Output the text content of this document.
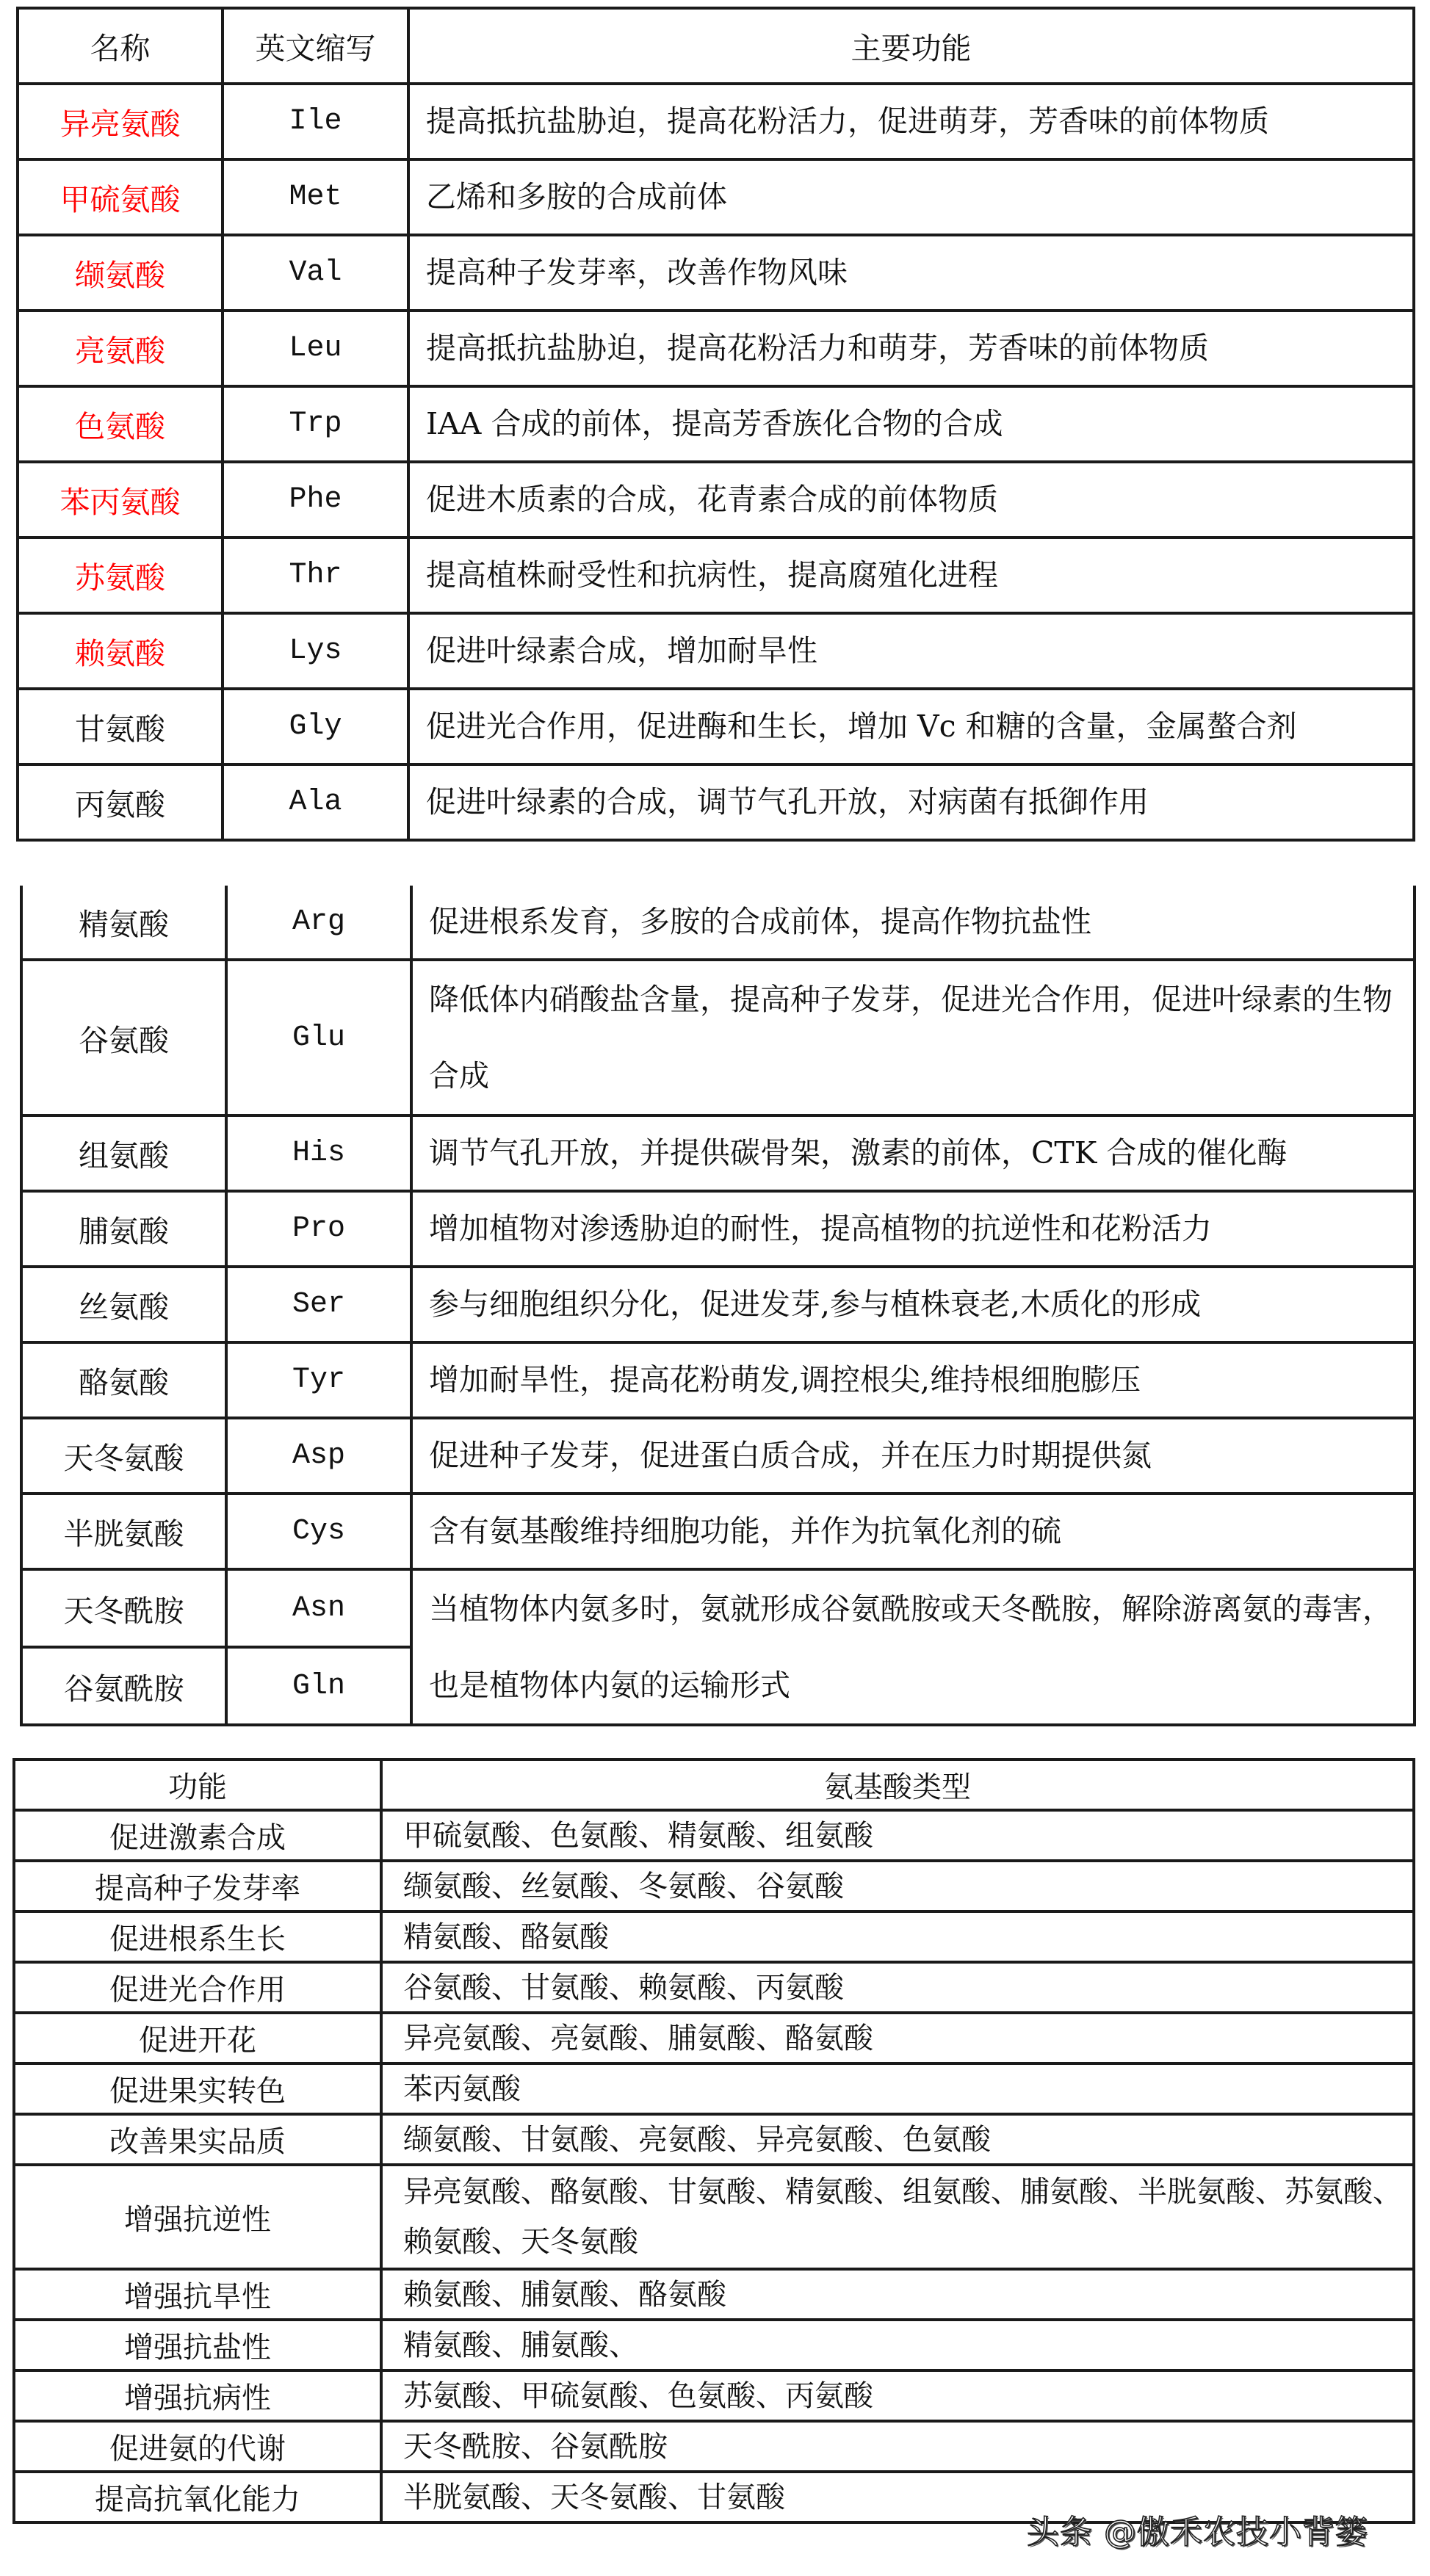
名称	英文缩写	主要功能
异亮氨酸	Ile	提高抵抗盐胁迫，提高花粉活力，促进萌芽，芳香味的前体物质
甲硫氨酸	Met	乙烯和多胺的合成前体
缬氨酸	Val	提高种子发芽率，改善作物风味
亮氨酸	Leu	提高抵抗盐胁迫，提高花粉活力和萌芽，芳香味的前体物质
色氨酸	Trp	IAA 合成的前体，提高芳香族化合物的合成
苯丙氨酸	Phe	促进木质素的合成，花青素合成的前体物质
苏氨酸	Thr	提高植株耐受性和抗病性，提高腐殖化进程
赖氨酸	Lys	促进叶绿素合成，增加耐旱性
甘氨酸	Gly	促进光合作用，促进酶和生长，增加 Vc 和糖的含量，金属螯合剂
丙氨酸	Ala	促进叶绿素的合成，调节气孔开放，对病菌有抵御作用
精氨酸	Arg	促进根系发育，多胺的合成前体，提高作物抗盐性
谷氨酸	Glu	降低体内硝酸盐含量，提高种子发芽，促进光合作用，促进叶绿素的生物合成
组氨酸	His	调节气孔开放，并提供碳骨架，激素的前体，CTK 合成的催化酶
脯氨酸	Pro	增加植物对渗透胁迫的耐性，提高植物的抗逆性和花粉活力
丝氨酸	Ser	参与细胞组织分化，促进发芽,参与植株衰老,木质化的形成
酪氨酸	Tyr	增加耐旱性，提高花粉萌发,调控根尖,维持根细胞膨压
天冬氨酸	Asp	促进种子发芽，促进蛋白质合成，并在压力时期提供氮
半胱氨酸	Cys	含有氨基酸维持细胞功能，并作为抗氧化剂的硫
天冬酰胺	Asn	当植物体内氨多时，氨就形成谷氨酰胺或天冬酰胺，解除游离氨的毒害，也是植物体内氨的运输形式
谷氨酰胺	Gln	
功能	氨基酸类型
促进激素合成	甲硫氨酸、色氨酸、精氨酸、组氨酸
提高种子发芽率	缬氨酸、丝氨酸、冬氨酸、谷氨酸
促进根系生长	精氨酸、酪氨酸
促进光合作用	谷氨酸、甘氨酸、赖氨酸、丙氨酸
促进开花	异亮氨酸、亮氨酸、脯氨酸、酪氨酸
促进果实转色	苯丙氨酸
改善果实品质	缬氨酸、甘氨酸、亮氨酸、异亮氨酸、色氨酸
增强抗逆性	异亮氨酸、酪氨酸、甘氨酸、精氨酸、组氨酸、脯氨酸、半胱氨酸、苏氨酸、赖氨酸、天冬氨酸
增强抗旱性	赖氨酸、脯氨酸、酪氨酸
增强抗盐性	精氨酸、脯氨酸、
增强抗病性	苏氨酸、甲硫氨酸、色氨酸、丙氨酸
促进氨的代谢	天冬酰胺、谷氨酰胺
提高抗氧化能力	半胱氨酸、天冬氨酸、甘氨酸
头条 @傲禾农技小背篓
